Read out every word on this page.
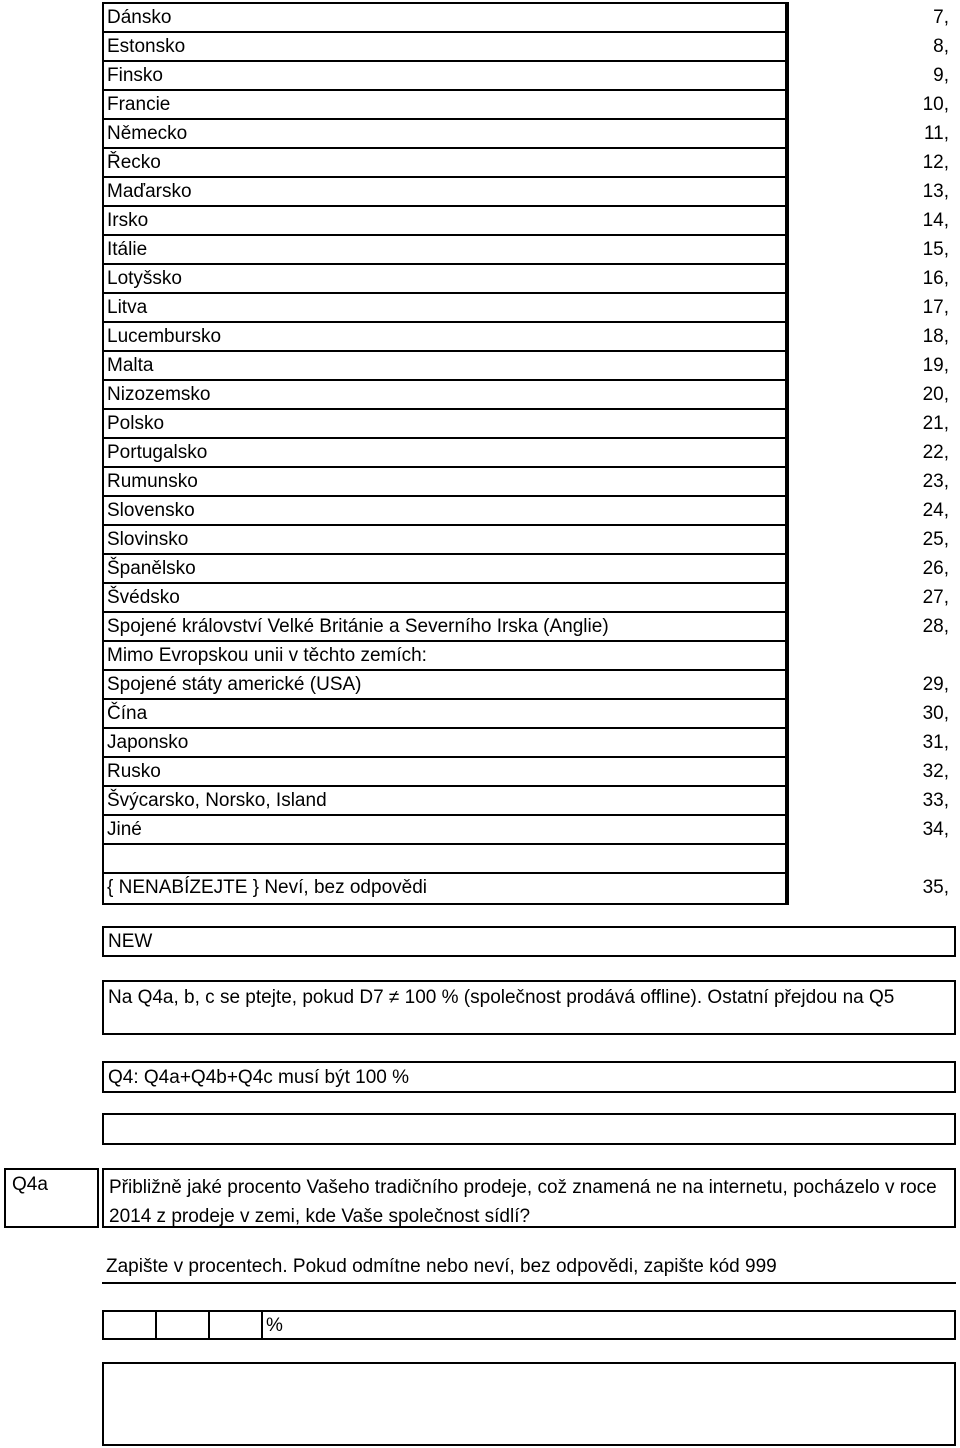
Dánsko	7,
Estonsko	8,
Finsko	9,
Francie	10,
Německo	11,
Řecko	12,
Maďarsko	13,
Irsko	14,
Itálie	15,
Lotyšsko	16,
Litva	17,
Lucembursko	18,
Malta	19,
Nizozemsko	20,
Polsko	21,
Portugalsko	22,
Rumunsko	23,
Slovensko	24,
Slovinsko	25,
Španělsko	26,
Švédsko	27,
Spojené království Velké Británie a Severního Irska (Anglie)	28,
Mimo Evropskou unii v těchto zemích:
Spojené státy americké (USA)	29,
Čína	30,
Japonsko	31,
Rusko	32,
Švýcarsko, Norsko, Island	33,
Jiné	34,
{ NENABÍZEJTE } Neví, bez odpovědi	35,
NEW
Na Q4a, b, c se ptejte, pokud D7 ≠ 100 % (společnost prodává offline). Ostatní přejdou na Q5
Q4: Q4a+Q4b+Q4c musí být 100 %
Q4a	Přibližně jaké procento Vašeho tradičního prodeje, což znamená ne na internetu, pocházelo v roce 2014 z prodeje v zemi, kde Vaše společnost sídlí?
Zapište v procentech. Pokud odmítne nebo neví, bez odpovědi, zapište kód 999
%
